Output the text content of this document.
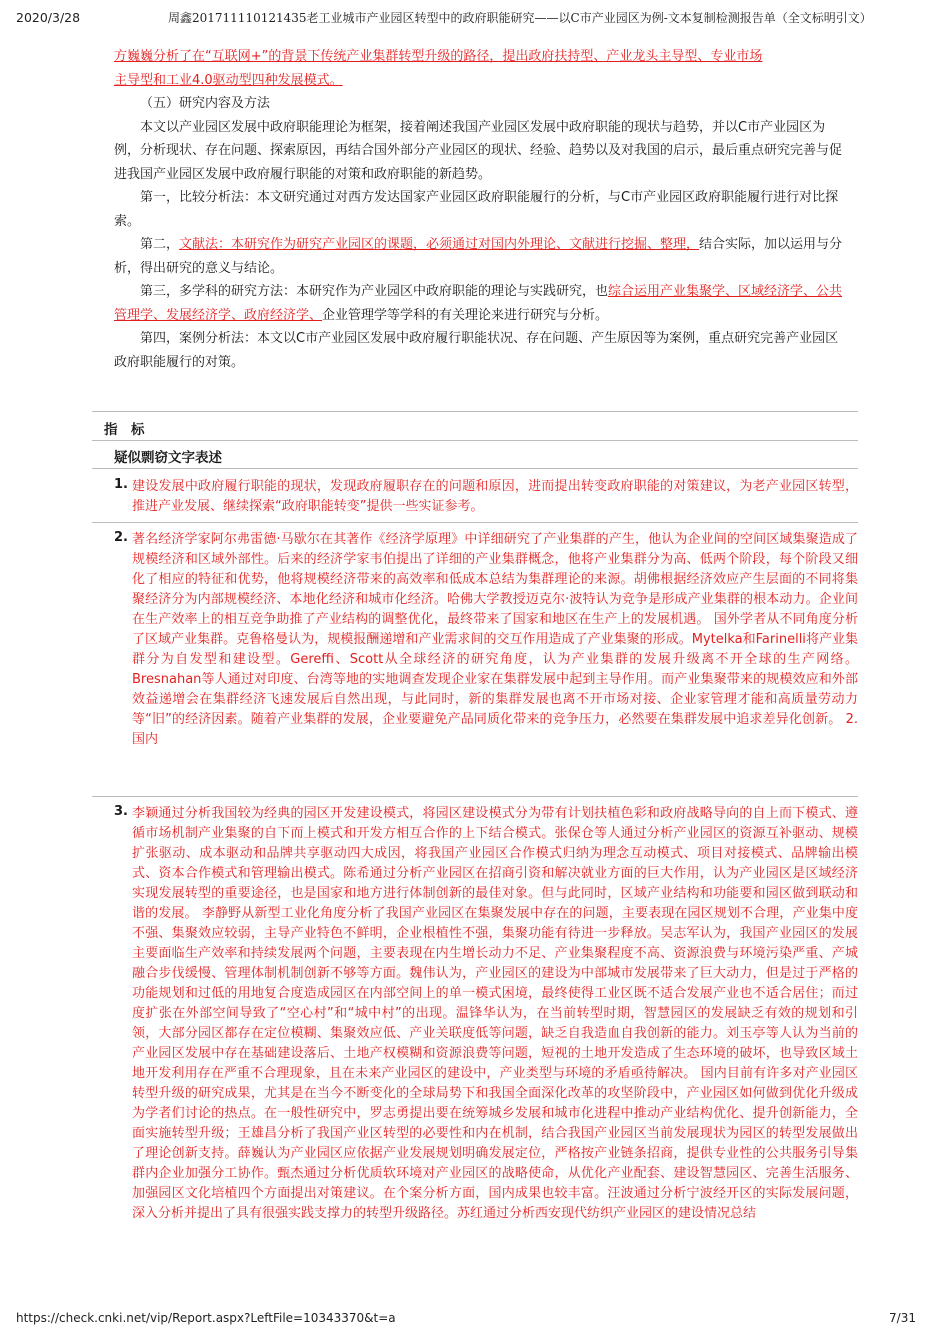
2020/3/28	周鑫201711110121435老工业城市产业园区转型中的政府职能研究——以C市产业园区为例-文本复制检测报告单（全文标明引文）

方巍巍分析了在“互联网+”的背景下传统产业集群转型升级的路径，提出政府扶持型、产业龙头主导型、专业市场
主导型和工业4.0驱动型四种发展模式。

（五）研究内容及方法

本文以产业园区发展中政府职能理论为框架，接着阐述我国产业园区发展中政府职能的现状与趋势，并以C市产业园区为例，分析现状、存在问题、探索原因，再结合国外部分产业园区的现状、经验、趋势以及对我国的启示，最后重点研究完善与促进我国产业园区发展中政府履行职能的对策和政府职能的新趋势。

第一，比较分析法：本文研究通过对西方发达国家产业园区政府职能履行的分析，与C市产业园区政府职能履行进行对比探索。

第二，文献法：本研究作为研究产业园区的课题，必须通过对国内外理论、文献进行挖掘、整理，结合实际，加以运用与分析，得出研究的意义与结论。

第三，多学科的研究方法：本研究作为产业园区中政府职能的理论与实践研究，也综合运用产业集聚学、区域经济学、公共管理学、发展经济学、政府经济学、企业管理学等学科的有关理论来进行研究与分析。

第四，案例分析法：本文以C市产业园区发展中政府履行职能状况、存在问题、产生原因等为案例，重点研究完善产业园区政府职能履行的对策。

指　标
疑似剽窃文字表述
1. 建设发展中政府履行职能的现状，发现政府履职存在的问题和原因，进而提出转变政府职能的对策建议，为老产业园区转型，推进产业发展、继续探索“政府职能转变”提供一些实证参考。
2. 著名经济学家阿尔弗雷德·马歇尔在其著作《经济学原理》中详细研究了产业集群的产生，他认为企业间的空间区域集聚造成了规模经济和区域外部性。后来的经济学家韦伯提出了详细的产业集群概念，他将产业集群分为高、低两个阶段，每个阶段又细化了相应的特征和优势，他将规模经济带来的高效率和低成本总结为集群理论的来源。胡佛根据经济效应产生层面的不同将集聚经济分为内部规模经济、本地化经济和城市化经济。哈佛大学教授迈克尔·波特认为竞争是形成产业集群的根本动力。企业间在生产效率上的相互竞争助推了产业结构的调整优化，最终带来了国家和地区在生产上的发展机遇。 国外学者从不同角度分析了区域产业集群。克鲁格曼认为，规模报酬递增和产业需求间的交互作用造成了产业集聚的形成。Mytelka和Farinelli将产业集群分为自发型和建设型。Gereffi、Scott从全球经济的研究角度，认为产业集群的发展升级离不开全球的生产网络。Bresnahan等人通过对印度、台湾等地的实地调查发现企业家在集群发展中起到主导作用。而产业集聚带来的规模效应和外部效益递增会在集群经济飞速发展后自然出现，与此同时，新的集群发展也离不开市场对接、企业家管理才能和高质量劳动力等“旧”的经济因素。随着产业集群的发展，企业要避免产品同质化带来的竞争压力，必然要在集群发展中追求差异化创新。 2.国内
3. 李颖通过分析我国较为经典的园区开发建设模式，将园区建设模式分为带有计划扶植色彩和政府战略导向的自上而下模式、遵循市场机制产业集聚的自下而上模式和开发方相互合作的上下结合模式。张保仓等人通过分析产业园区的资源互补驱动、规模扩张驱动、成本驱动和品牌共享驱动四大成因，将我国产业园区合作模式归纳为理念互动模式、项目对接模式、品牌输出模式、资本合作模式和管理输出模式。陈希通过分析产业园区在招商引资和解决就业方面的巨大作用，认为产业园区是区域经济实现发展转型的重要途径，也是国家和地方进行体制创新的最佳对象。但与此同时，区域产业结构和功能要和园区做到联动和谐的发展。 李静野从新型工业化角度分析了我国产业园区在集聚发展中存在的问题，主要表现在园区规划不合理，产业集中度不强、集聚效应较弱，主导产业特色不鲜明，企业根植性不强，集聚功能有待进一步释放。吴志军认为，我国产业园区的发展主要面临生产效率和持续发展两个问题，主要表现在内生增长动力不足、产业集聚程度不高、资源浪费与环境污染严重、产城融合步伐缓慢、管理体制机制创新不够等方面。魏伟认为，产业园区的建设为中部城市发展带来了巨大动力，但是过于严格的功能规划和过低的用地复合度造成园区在内部空间上的单一模式困境，最终使得工业区既不适合发展产业也不适合居住；而过度扩张在外部空间导致了“空心村”和“城中村”的出现。温锋华认为，在当前转型时期，智慧园区的发展缺乏有效的规划和引领，大部分园区都存在定位模糊、集聚效应低、产业关联度低等问题，缺乏自我造血自我创新的能力。刘玉亭等人认为当前的产业园区发展中存在基础建设落后、土地产权模糊和资源浪费等问题，短视的土地开发造成了生态环境的破坏，也导致区域土地开发利用存在严重不合理现象，且在未来产业园区的建设中，产业类型与环境的矛盾亟待解决。 国内目前有许多对产业园区转型升级的研究成果，尤其是在当今不断变化的全球局势下和我国全面深化改革的攻坚阶段中，产业园区如何做到优化升级成为学者们讨论的热点。在一般性研究中，罗志勇提出要在统筹城乡发展和城市化进程中推动产业结构优化、提升创新能力，全面实施转型升级；王雄昌分析了我国产业区转型的必要性和内在机制，结合我国产业园区当前发展现状为园区的转型发展做出了理论创新支持。薛巍认为产业园区应依据产业发展规划明确发展定位，严格按产业链条招商，提供专业性的公共服务引导集群内企业加强分工协作。甄杰通过分析优质软环境对产业园区的战略使命，从优化产业配套、建设智慧园区、完善生活服务、加强园区文化培植四个方面提出对策建议。在个案分析方面，国内成果也较丰富。汪波通过分析宁波经开区的实际发展问题，深入分析并提出了具有很强实践支撑力的转型升级路径。苏红通过分析西安现代纺织产业园区的建设情况总结
https://check.cnki.net/vip/Report.aspx?LeftFile=10343370&t=a	7/31
